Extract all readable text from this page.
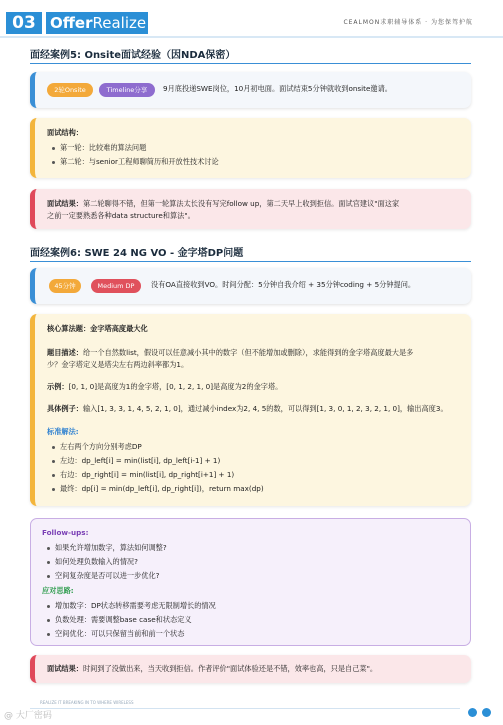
03 OfferRealize	CEALMON求职辅导体系 · 为您保驾护航
面经案例5: Onsite面试经验（因NDA保密）
2轮Onsite	Timeline分享	9月底投递SWE岗位，10月初电面。面试结束5分钟就收到onsite邀请。
面试结构：
第一轮：比较难的算法问题
第二轮：与senior工程师聊简历和开放性技术讨论
面试结果：第二轮聊得不错，但第一轮算法太长没有写完follow up，第二天早上收到拒信。面试官建议"面这家
之前一定要熟悉各种data structure和算法"。
面经案例6: SWE 24 NG VO - 金字塔DP问题
45分钟	Medium DP	没有OA直接收到VO。时间分配：5分钟自我介绍 + 35分钟coding + 5分钟提问。
核心算法题：金字塔高度最大化
题目描述：给一个自然数list，假设可以任意减小其中的数字（但不能增加或删除），求能得到的金字塔高度最大是多
少？金字塔定义是塔尖左右两边斜率都为1。
示例：[0, 1, 0]是高度为1的金字塔，[0, 1, 2, 1, 0]是高度为2的金字塔。
具体例子：输入[1, 3, 3, 1, 4, 5, 2, 1, 0]，通过减小index为2, 4, 5的数，可以得到[1, 3, 0, 1, 2, 3, 2, 1, 0]，输出高度3。
标准解法:
左右两个方向分别考虑DP
左边：dp_left[i] = min(list[i], dp_left[i-1] + 1)
右边：dp_right[i] = min(list[i], dp_right[i+1] + 1)
最终：dp[i] = min(dp_left[i], dp_right[i])，return max(dp)
Follow-ups:
如果允许增加数字，算法如何调整?
如何处理负数输入的情况?
空间复杂度是否可以进一步优化?
应对思路:
增加数字：DP状态转移需要考虑无限制增长的情况
负数处理：需要调整base case和状态定义
空间优化：可以只保留当前和前一个状态
面试结果：时间到了没做出来，当天收到拒信。作者评价"面试体验还是不错，效率也高，只是自己菜"。
REALIZE IT BREAKING IN TO WHERE WIRELESS
@ 大厂密码
